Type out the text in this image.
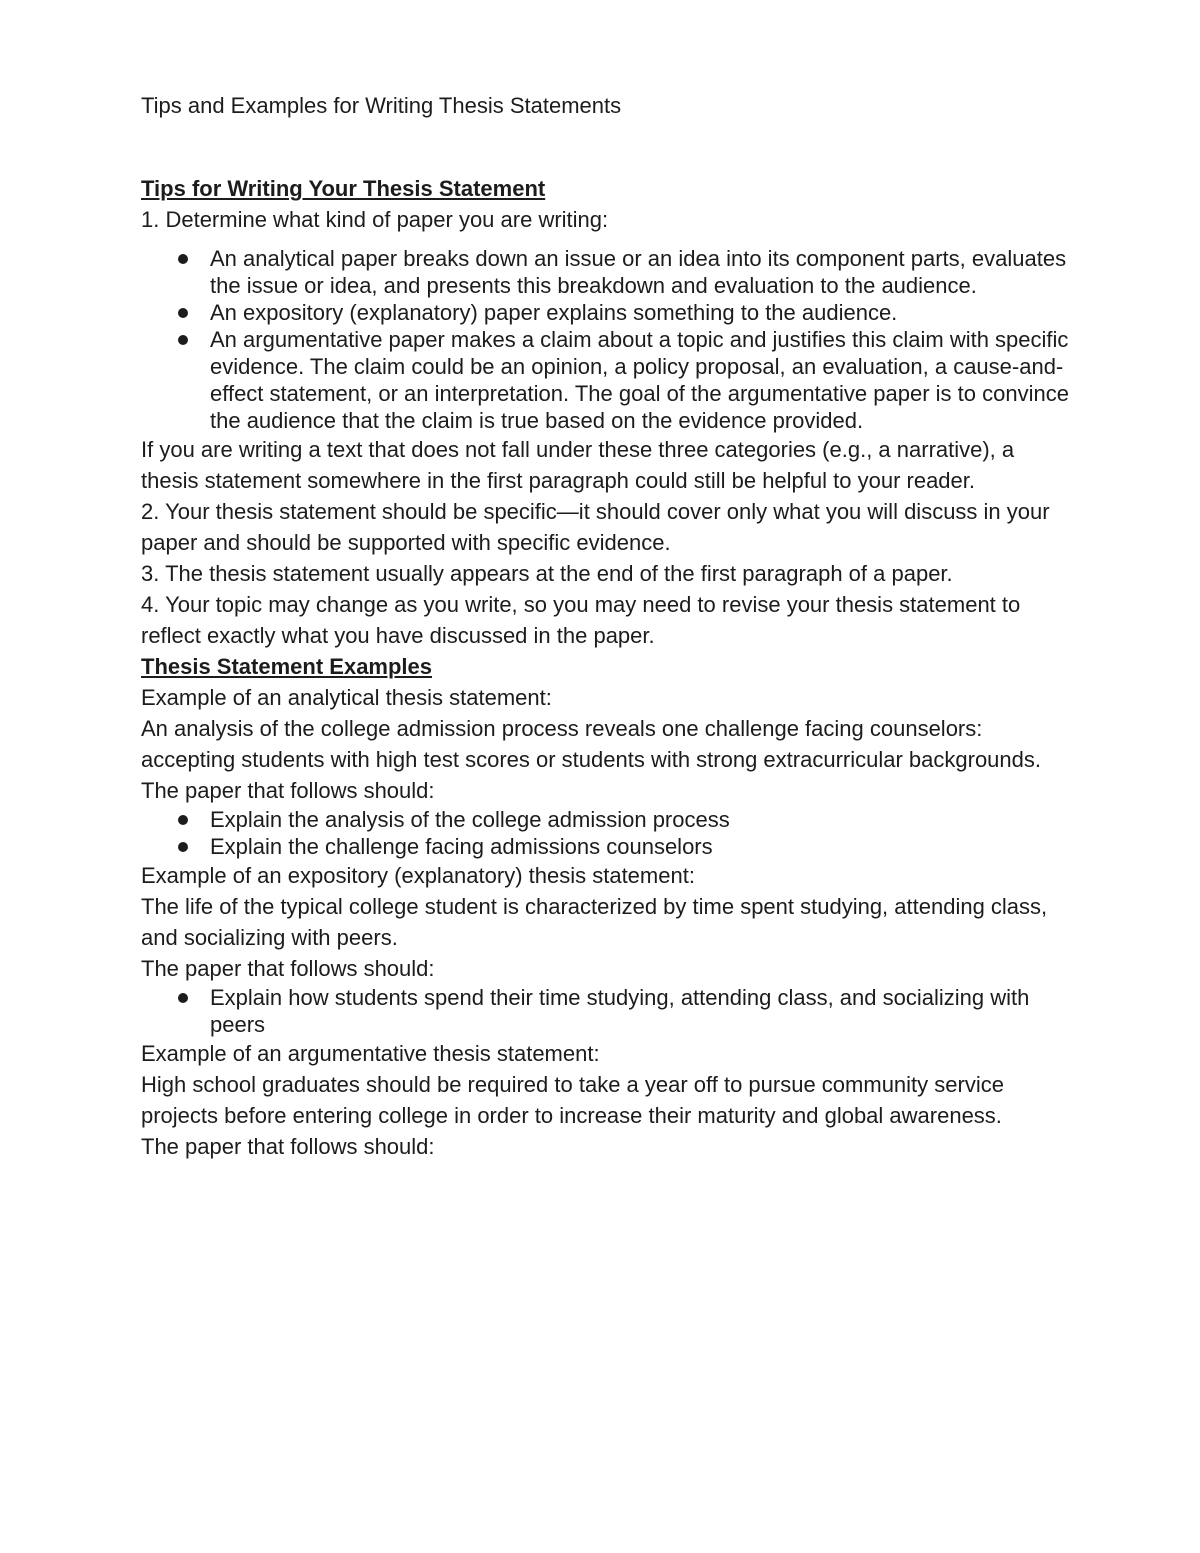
Tips and Examples for Writing Thesis Statements
Tips for Writing Your Thesis Statement

1. Determine what kind of paper you are writing:

An analytical paper breaks down an issue or an idea into its component parts, evaluates the issue or idea, and presents this breakdown and evaluation to the audience.
An expository (explanatory) paper explains something to the audience.
An argumentative paper makes a claim about a topic and justifies this claim with specific evidence. The claim could be an opinion, a policy proposal, an evaluation, a cause-and-effect statement, or an interpretation. The goal of the argumentative paper is to convince the audience that the claim is true based on the evidence provided.

If you are writing a text that does not fall under these three categories (e.g., a narrative), a thesis statement somewhere in the first paragraph could still be helpful to your reader.

2. Your thesis statement should be specific—it should cover only what you will discuss in your paper and should be supported with specific evidence.

3. The thesis statement usually appears at the end of the first paragraph of a paper.

4. Your topic may change as you write, so you may need to revise your thesis statement to reflect exactly what you have discussed in the paper.

Thesis Statement Examples

Example of an analytical thesis statement:

An analysis of the college admission process reveals one challenge facing counselors: accepting students with high test scores or students with strong extracurricular backgrounds.

The paper that follows should:

Explain the analysis of the college admission process
Explain the challenge facing admissions counselors

Example of an expository (explanatory) thesis statement:

The life of the typical college student is characterized by time spent studying, attending class, and socializing with peers.

The paper that follows should:

Explain how students spend their time studying, attending class, and socializing with peers

Example of an argumentative thesis statement:

High school graduates should be required to take a year off to pursue community service projects before entering college in order to increase their maturity and global awareness.

The paper that follows should:
